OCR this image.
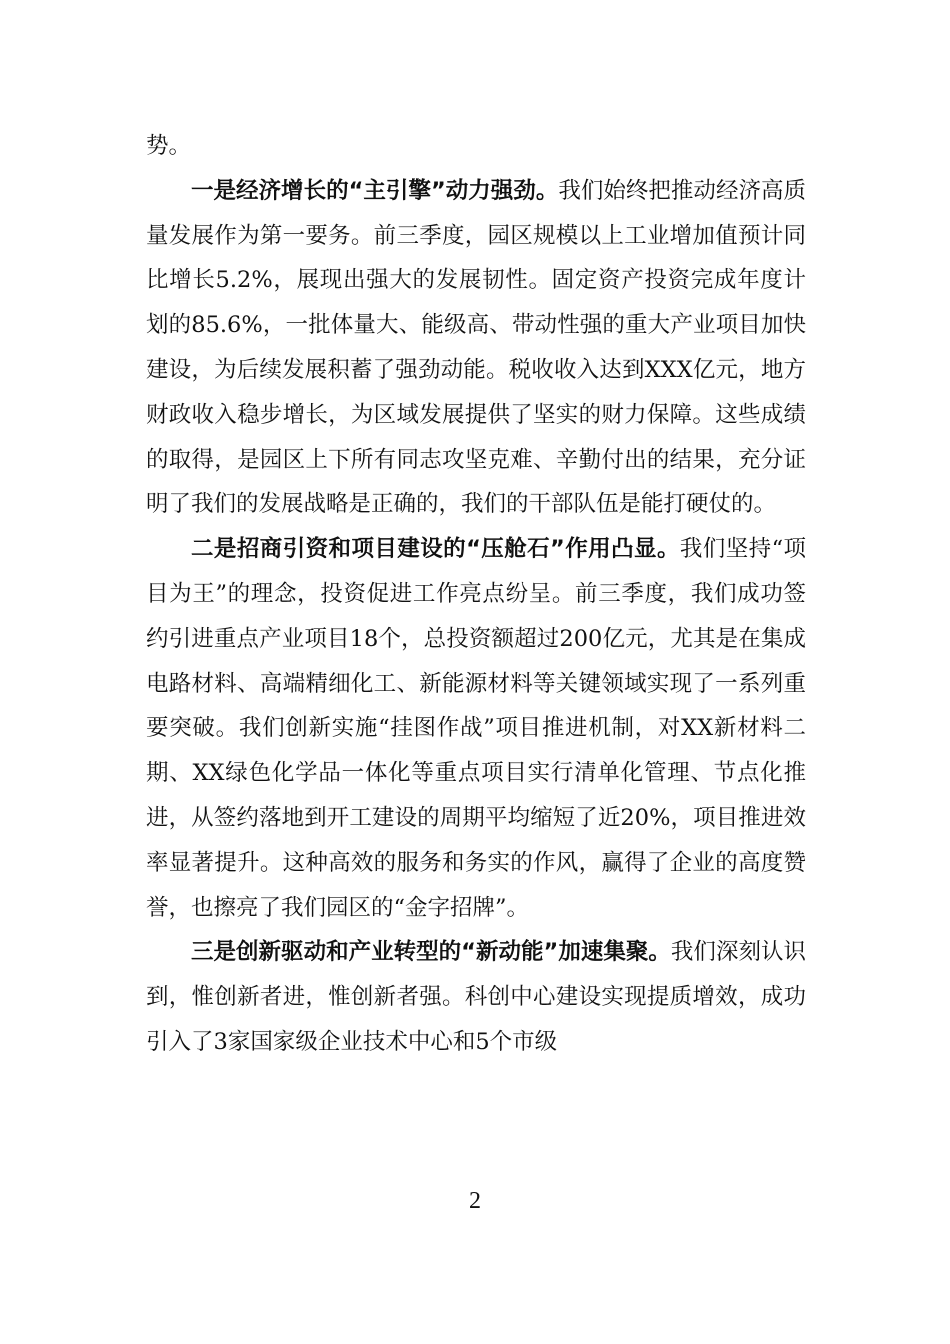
势。

一是经济增长的“主引擎”动力强劲。我们始终把推动经济高质量发展作为第一要务。前三季度，园区规模以上工业增加值预计同比增长5.2%，展现出强大的发展韧性。固定资产投资完成年度计划的85.6%，一批体量大、能级高、带动性强的重大产业项目加快建设，为后续发展积蓄了强劲动能。税收收入达到XXX亿元，地方财政收入稳步增长，为区域发展提供了坚实的财力保障。这些成绩的取得，是园区上下所有同志攻坚克难、辛勤付出的结果，充分证明了我们的发展战略是正确的，我们的干部队伍是能打硬仗的。

二是招商引资和项目建设的“压舱石”作用凸显。我们坚持“项目为王”的理念，投资促进工作亮点纷呈。前三季度，我们成功签约引进重点产业项目18个，总投资额超过200亿元，尤其是在集成电路材料、高端精细化工、新能源材料等关键领域实现了一系列重要突破。我们创新实施“挂图作战”项目推进机制，对XX新材料二期、XX绿色化学品一体化等重点项目实行清单化管理、节点化推进，从签约落地到开工建设的周期平均缩短了近20%，项目推进效率显著提升。这种高效的服务和务实的作风，赢得了企业的高度赞誉，也擦亮了我们园区的“金字招牌”。

三是创新驱动和产业转型的“新动能”加速集聚。我们深刻认识到，惟创新者进，惟创新者强。科创中心建设实现提质增效，成功引入了3家国家级企业技术中心和5个市级

2
